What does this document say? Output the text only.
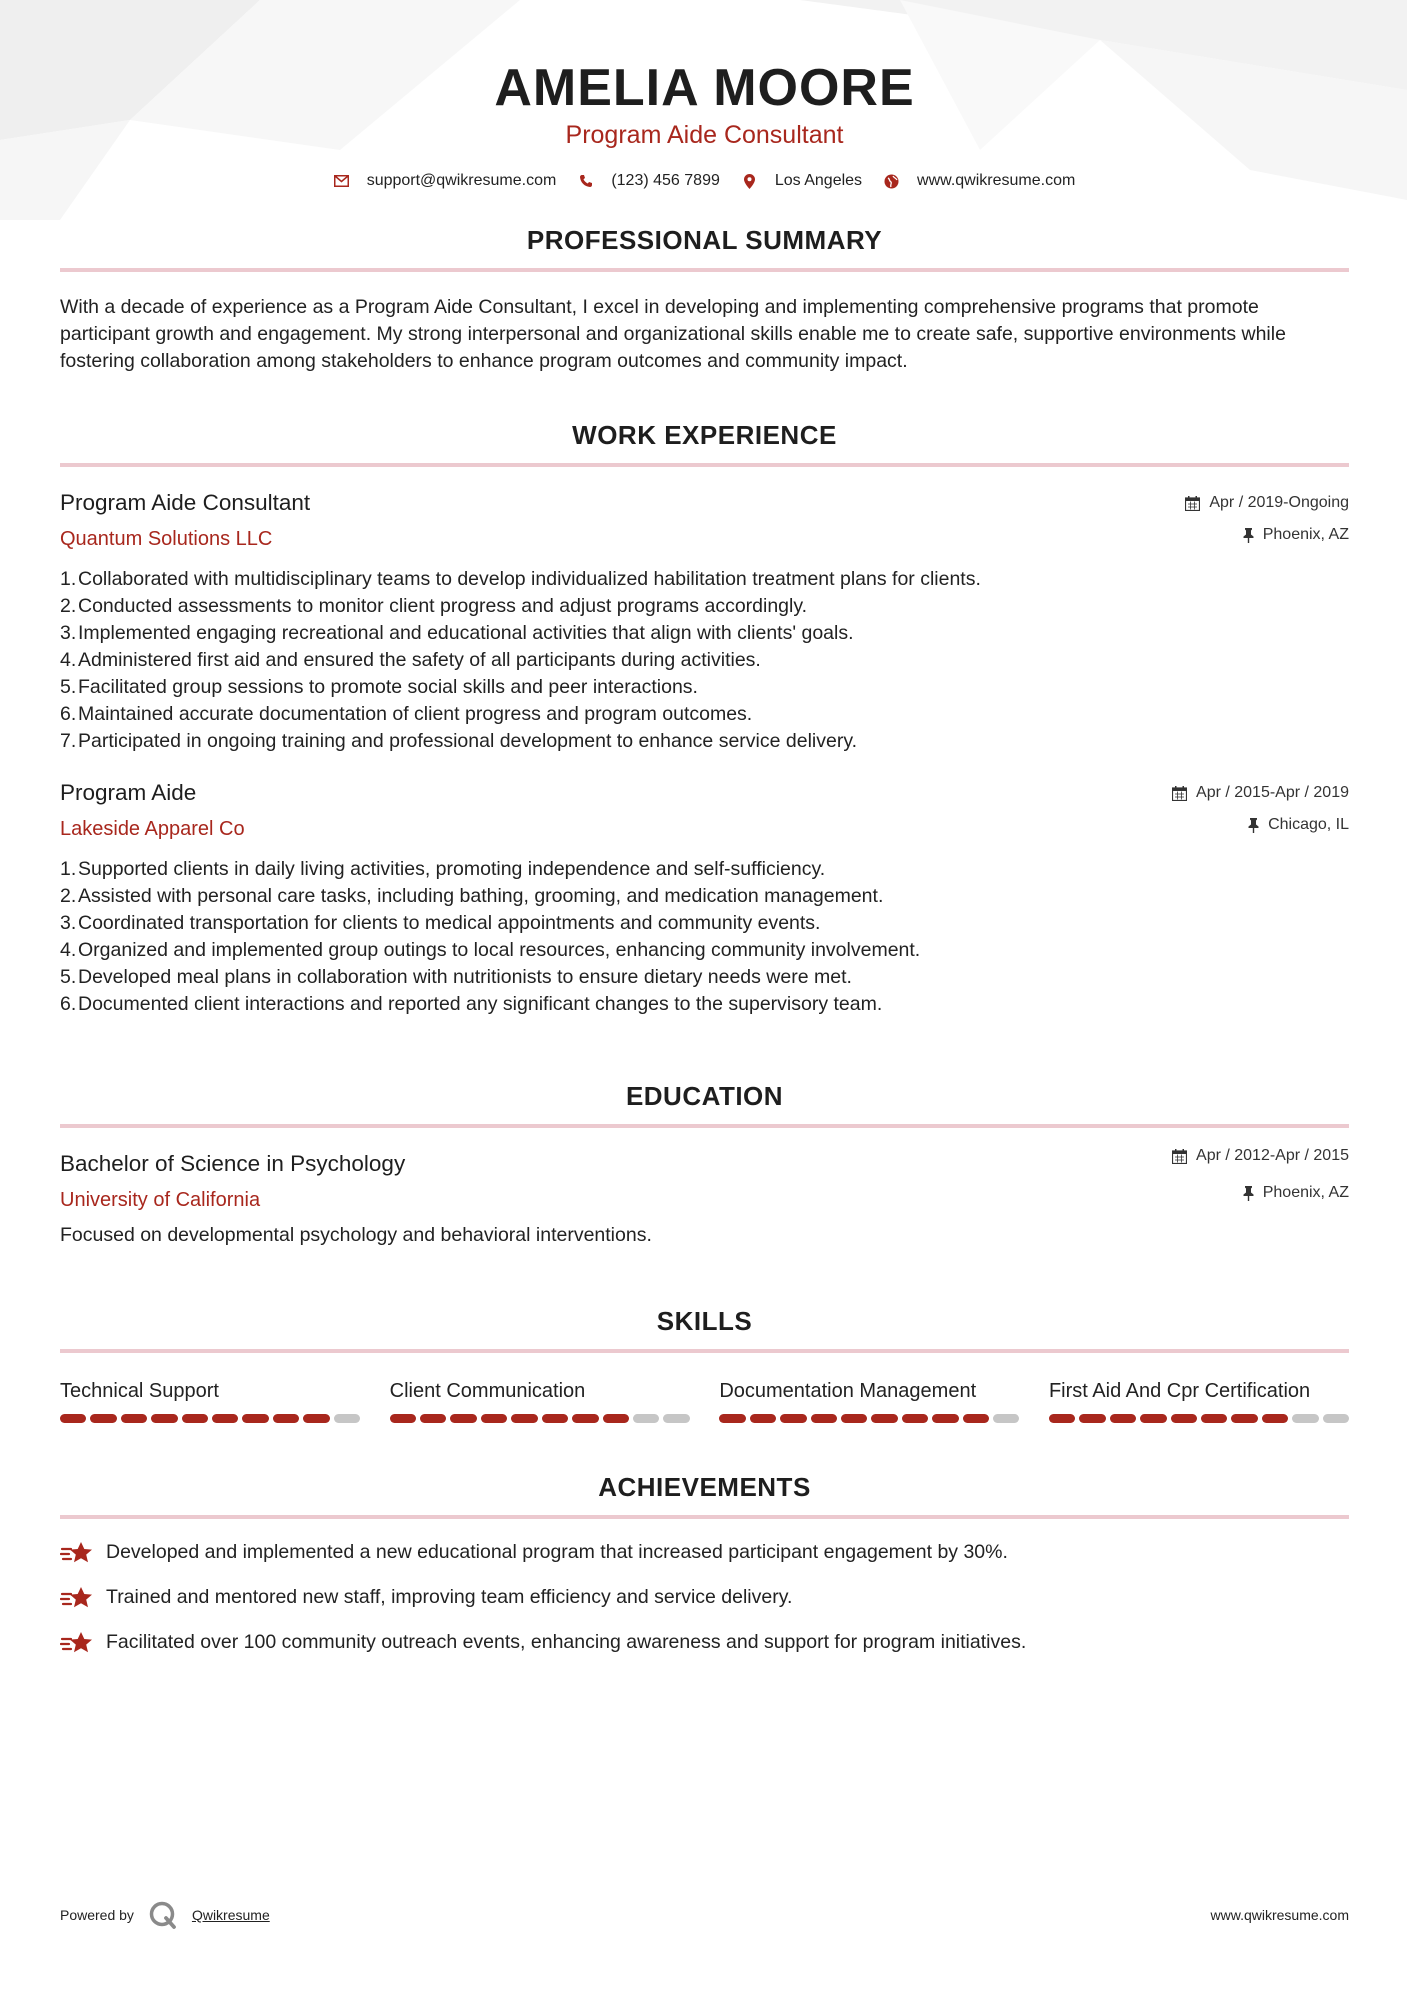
AMELIA MOORE
Program Aide Consultant
support@qwikresume.com	(123) 456 7899	Los Angeles	www.qwikresume.com
PROFESSIONAL SUMMARY
With a decade of experience as a Program Aide Consultant, I excel in developing and implementing comprehensive programs that promote participant growth and engagement. My strong interpersonal and organizational skills enable me to create safe, supportive environments while fostering collaboration among stakeholders to enhance program outcomes and community impact.
WORK EXPERIENCE
Program Aide Consultant
Quantum Solutions LLC
Apr / 2019-Ongoing
Phoenix, AZ
1. Collaborated with multidisciplinary teams to develop individualized habilitation treatment plans for clients.
2. Conducted assessments to monitor client progress and adjust programs accordingly.
3. Implemented engaging recreational and educational activities that align with clients' goals.
4. Administered first aid and ensured the safety of all participants during activities.
5. Facilitated group sessions to promote social skills and peer interactions.
6. Maintained accurate documentation of client progress and program outcomes.
7. Participated in ongoing training and professional development to enhance service delivery.
Program Aide
Lakeside Apparel Co
Apr / 2015-Apr / 2019
Chicago, IL
1. Supported clients in daily living activities, promoting independence and self-sufficiency.
2. Assisted with personal care tasks, including bathing, grooming, and medication management.
3. Coordinated transportation for clients to medical appointments and community events.
4. Organized and implemented group outings to local resources, enhancing community involvement.
5. Developed meal plans in collaboration with nutritionists to ensure dietary needs were met.
6. Documented client interactions and reported any significant changes to the supervisory team.
EDUCATION
Bachelor of Science in Psychology
University of California
Apr / 2012-Apr / 2015
Phoenix, AZ
Focused on developmental psychology and behavioral interventions.
SKILLS
Technical Support	Client Communication	Documentation Management	First Aid And Cpr Certification
ACHIEVEMENTS
Developed and implemented a new educational program that increased participant engagement by 30%.
Trained and mentored new staff, improving team efficiency and service delivery.
Facilitated over 100 community outreach events, enhancing awareness and support for program initiatives.
Powered by	Qwikresume	www.qwikresume.com
